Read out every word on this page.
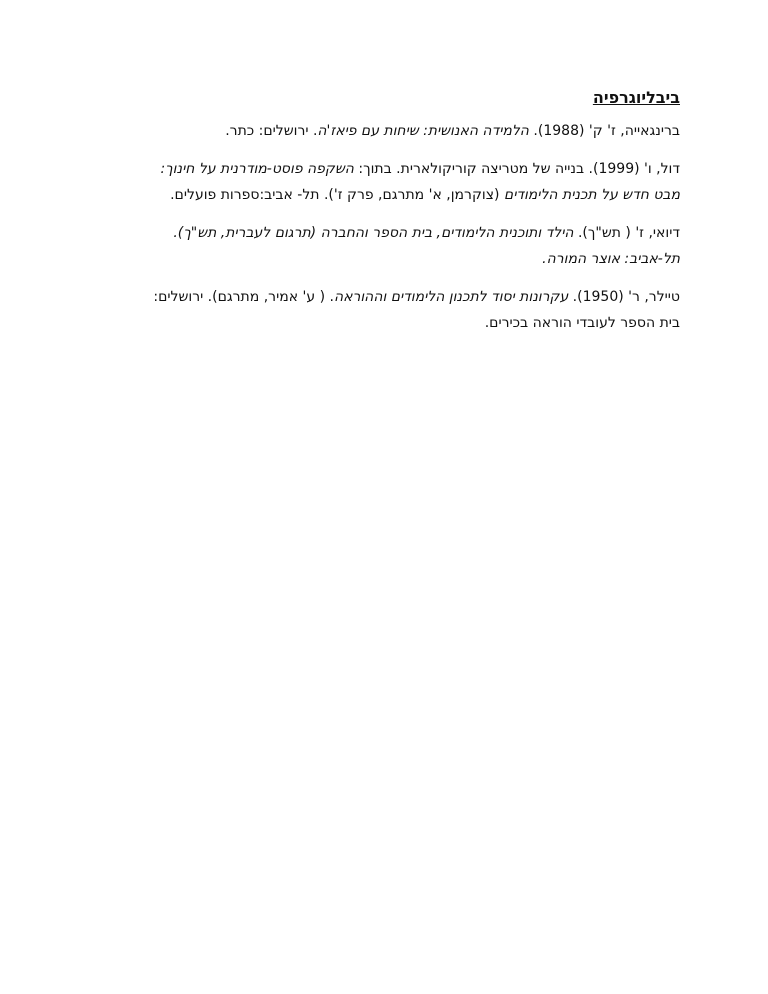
ביבליוגרפיה

ברינגאייה, ז' ק' (1988). הלמידה האנושית: שיחות עם פיאז'ה. ירושלים: כתר.

דול, ו' (1999). בנייה של מטריצה קוריקולארית. בתוך: השקפה פוסט-מודרנית על חינוך:

מבט חדש על תכנית הלימודים (צוקרמן, א' מתרגם, פרק ז'). תל- אביב:ספרות פועלים.

דיואי, ז' ( תש"ך). הילד ותוכנית הלימודים, בית הספר והחברה (תרגום לעברית, תש"ך).

תל-אביב: אוצר המורה.

טיילר, ר' (1950). עקרונות יסוד לתכנון הלימודים וההוראה. ( ע' אמיר, מתרגם). ירושלים:

בית הספר לעובדי הוראה בכירים.
